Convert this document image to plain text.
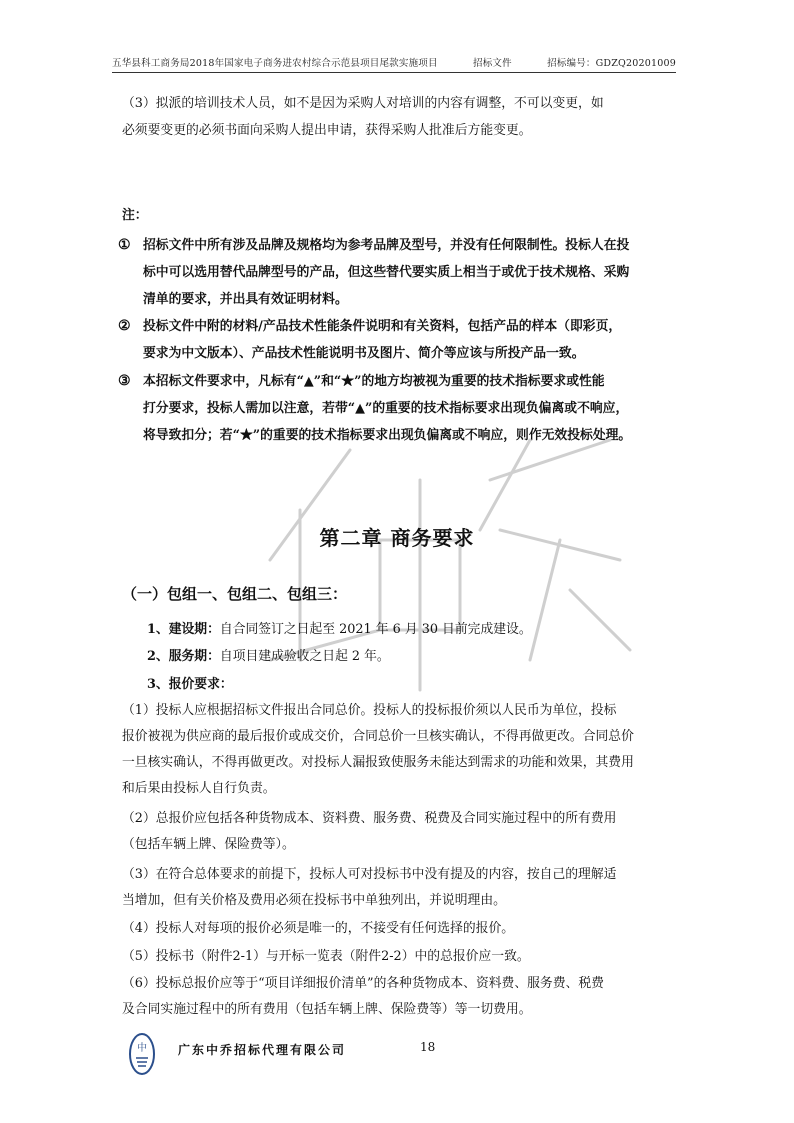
五华县科工商务局2018年国家电子商务进农村综合示范县项目尾款实施项目	招标文件	招标编号：GDZQ20201009
（3）拟派的培训技术人员，如不是因为采购人对培训的内容有调整，不可以变更，如
必须要变更的必须书面向采购人提出申请，获得采购人批准后方能变更。
注：
① 招标文件中所有涉及品牌及规格均为参考品牌及型号，并没有任何限制性。投标人在投
标中可以选用替代品牌型号的产品，但这些替代要实质上相当于或优于技术规格、采购
清单的要求，并出具有效证明材料。
② 投标文件中附的材料/产品技术性能条件说明和有关资料，包括产品的样本（即彩页，
要求为中文版本）、产品技术性能说明书及图片、简介等应该与所投产品一致。
③ 本招标文件要求中，凡标有“▲”和“★”的地方均被视为重要的技术指标要求或性能
打分要求，投标人需加以注意，若带“▲”的重要的技术指标要求出现负偏离或不响应，
将导致扣分；若“★”的重要的技术指标要求出现负偏离或不响应，则作无效投标处理。
第二章 商务要求
（一）包组一、包组二、包组三：
1、建设期：自合同签订之日起至 2021 年 6 月 30 日前完成建设。
2、服务期：自项目建成验收之日起 2 年。
3、报价要求：
（1）投标人应根据招标文件报出合同总价。投标人的投标报价须以人民币为单位，投标
报价被视为供应商的最后报价或成交价，合同总价一旦核实确认，不得再做更改。合同总价
一旦核实确认，不得再做更改。对投标人漏报致使服务未能达到需求的功能和效果，其费用
和后果由投标人自行负责。
（2）总报价应包括各种货物成本、资料费、服务费、税费及合同实施过程中的所有费用
（包括车辆上牌、保险费等）。
（3）在符合总体要求的前提下，投标人可对投标书中没有提及的内容，按自己的理解适
当增加，但有关价格及费用必须在投标书中单独列出，并说明理由。
（4）投标人对每项的报价必须是唯一的，不接受有任何选择的报价。
（5）投标书（附件2-1）与开标一览表（附件2-2）中的总报价应一致。
（6）投标总报价应等于“项目详细报价清单”的各种货物成本、资料费、服务费、税费
及合同实施过程中的所有费用（包括车辆上牌、保险费等）等一切费用。
中	广东中乔招标代理有限公司	18
